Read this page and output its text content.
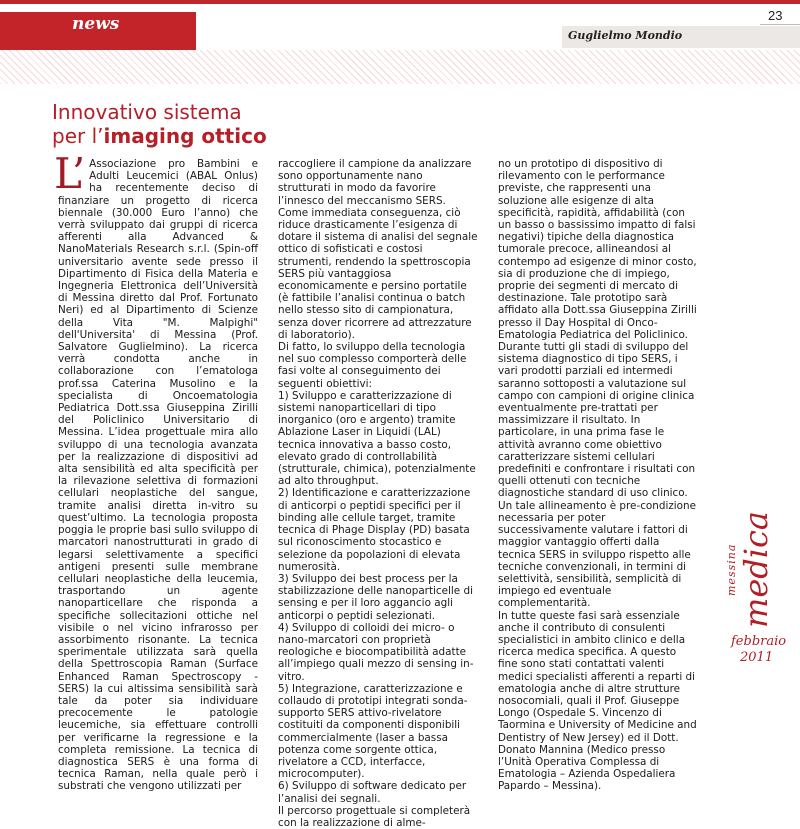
news
Guglielmo Mondio
23
Innovativo sistema
per l’imaging ottico
L’ Associazione pro Bambini e Adulti Leucemici (ABAL Onlus) ha recentemente deciso di finanziare un progetto di ricerca biennale (30.000 Euro l’anno) che verrà sviluppato dai gruppi di ricerca afferenti alla Advanced & NanoMaterials Research s.r.l. (Spin-off universitario avente sede presso il Dipartimento di Fisica della Materia e Ingegneria Elettronica dell’Università di Messina diretto dal Prof. Fortunato Neri) ed al Dipartimento di Scienze della Vita "M. Malpighi" dell'Universita' di Messina (Prof. Salvatore Guglielmino). La ricerca verrà condotta anche in collaborazione con l’ematologa prof.ssa Caterina Musolino e la specialista di Oncoematologia Pediatrica Dott.ssa Giuseppina Zirilli del Policlinico Universitario di Messina. L’idea progettuale mira allo sviluppo di una tecnologia avanzata per la realizzazione di dispositivi ad alta sensibilità ed alta specificità per la rilevazione selettiva di formazioni cellulari neoplastiche del sangue, tramite analisi diretta in-vitro su quest’ultimo. La tecnologia proposta poggia le proprie basi sullo sviluppo di marcatori nanostrutturati in grado di legarsi selettivamente a specifici antigeni presenti sulle membrane cellulari neoplastiche della leucemia, trasportando un agente nanoparticellare che risponda a specifiche sollecitazioni ottiche nel visibile o nel vicino infrarosso per assorbimento risonante. La tecnica sperimentale utilizzata sarà quella della Spettroscopia Raman (Surface Enhanced Raman Spectroscopy - SERS) la cui altissima sensibilità sarà tale da poter sia individuare precocemente le patologie leucemiche, sia effettuare controlli per verificarne la regressione e la completa remissione. La tecnica di diagnostica SERS è una forma di tecnica Raman, nella quale però i substrati che vengono utilizzati per

raccogliere il campione da analizzare sono opportunamente nano strutturati in modo da favorire l’innesco del meccanismo SERS. Come immediata conseguenza, ciò riduce drasticamente l’esigenza di dotare il sistema di analisi del segnale ottico di sofisticati e costosi strumenti, rendendo la spettroscopia SERS più vantaggiosa economicamente e persino portatile (è fattibile l’analisi continua o batch nello stesso sito di campionatura, senza dover ricorrere ad attrezzature di laboratorio).
Di fatto, lo sviluppo della tecnologia nel suo complesso comporterà delle fasi volte al conseguimento dei seguenti obiettivi:
1) Sviluppo e caratterizzazione di sistemi nanoparticellari di tipo inorganico (oro e argento) tramite Ablazione Laser in Liquidi (LAL) tecnica innovativa a basso costo, elevato grado di controllabilità (strutturale, chimica), potenzialmente ad alto throughput.
2) Identificazione e caratterizzazione di anticorpi o peptidi specifici per il binding alle cellule target, tramite tecnica di Phage Display (PD) basata sul riconoscimento stocastico e selezione da popolazioni di elevata numerosità.
3) Sviluppo dei best process per la stabilizzazione delle nanoparticelle di sensing e per il loro aggancio agli anticorpi o peptidi selezionati.
4) Sviluppo di colloidi dei micro- o nano-marcatori con proprietà reologiche e biocompatibilità adatte all’impiego quali mezzo di sensing in-vitro.
5) Integrazione, caratterizzazione e collaudo di prototipi integrati sonda-supporto SERS attivo-rivelatore costituiti da componenti disponibili commercialmente (laser a bassa potenza come sorgente ottica, rivelatore a CCD, interfacce, microcomputer).
6) Sviluppo di software dedicato per l’analisi dei segnali.
Il percorso progettuale si completerà con la realizzazione di alme-

no un prototipo di dispositivo di rilevamento con le performance previste, che rappresenti una soluzione alle esigenze di alta specificità, rapidità, affidabilità (con un basso o bassissimo impatto di falsi negativi) tipiche della diagnostica tumorale precoce, allineandosi al contempo ad esigenze di minor costo, sia di produzione che di impiego, proprie dei segmenti di mercato di destinazione. Tale prototipo sarà affidato alla Dott.ssa Giuseppina Zirilli presso il Day Hospital di Onco-Ematologia Pediatrica del Policlinico. Durante tutti gli stadi di sviluppo del sistema diagnostico di tipo SERS, i vari prodotti parziali ed intermedi saranno sottoposti a valutazione sul campo con campioni di origine clinica eventualmente pre-trattati per massimizzare il risultato. In particolare, in una prima fase le attività avranno come obiettivo caratterizzare sistemi cellulari predefiniti e confrontare i risultati con quelli ottenuti con tecniche diagnostiche standard di uso clinico. Un tale allineamento è pre-condizione necessaria per poter successivamente valutare i fattori di maggior vantaggio offerti dalla tecnica SERS in sviluppo rispetto alle tecniche convenzionali, in termini di selettività, sensibilità, semplicità di impiego ed eventuale complementarità.
In tutte queste fasi sarà essenziale anche il contributo di consulenti specialistici in ambito clinico e della ricerca medica specifica. A questo fine sono stati contattati valenti medici specialisti afferenti a reparti di ematologia anche di altre strutture nosocomiali, quali il Prof. Giuseppe Longo (Ospedale S. Vincenzo di Taormina e University of Medicine and Dentistry of New Jersey) ed il Dott. Donato Mannina (Medico presso l’Unità Operativa Complessa di Ematologia – Azienda Ospedaliera Papardo – Messina).

messina medica
febbraio
2011
